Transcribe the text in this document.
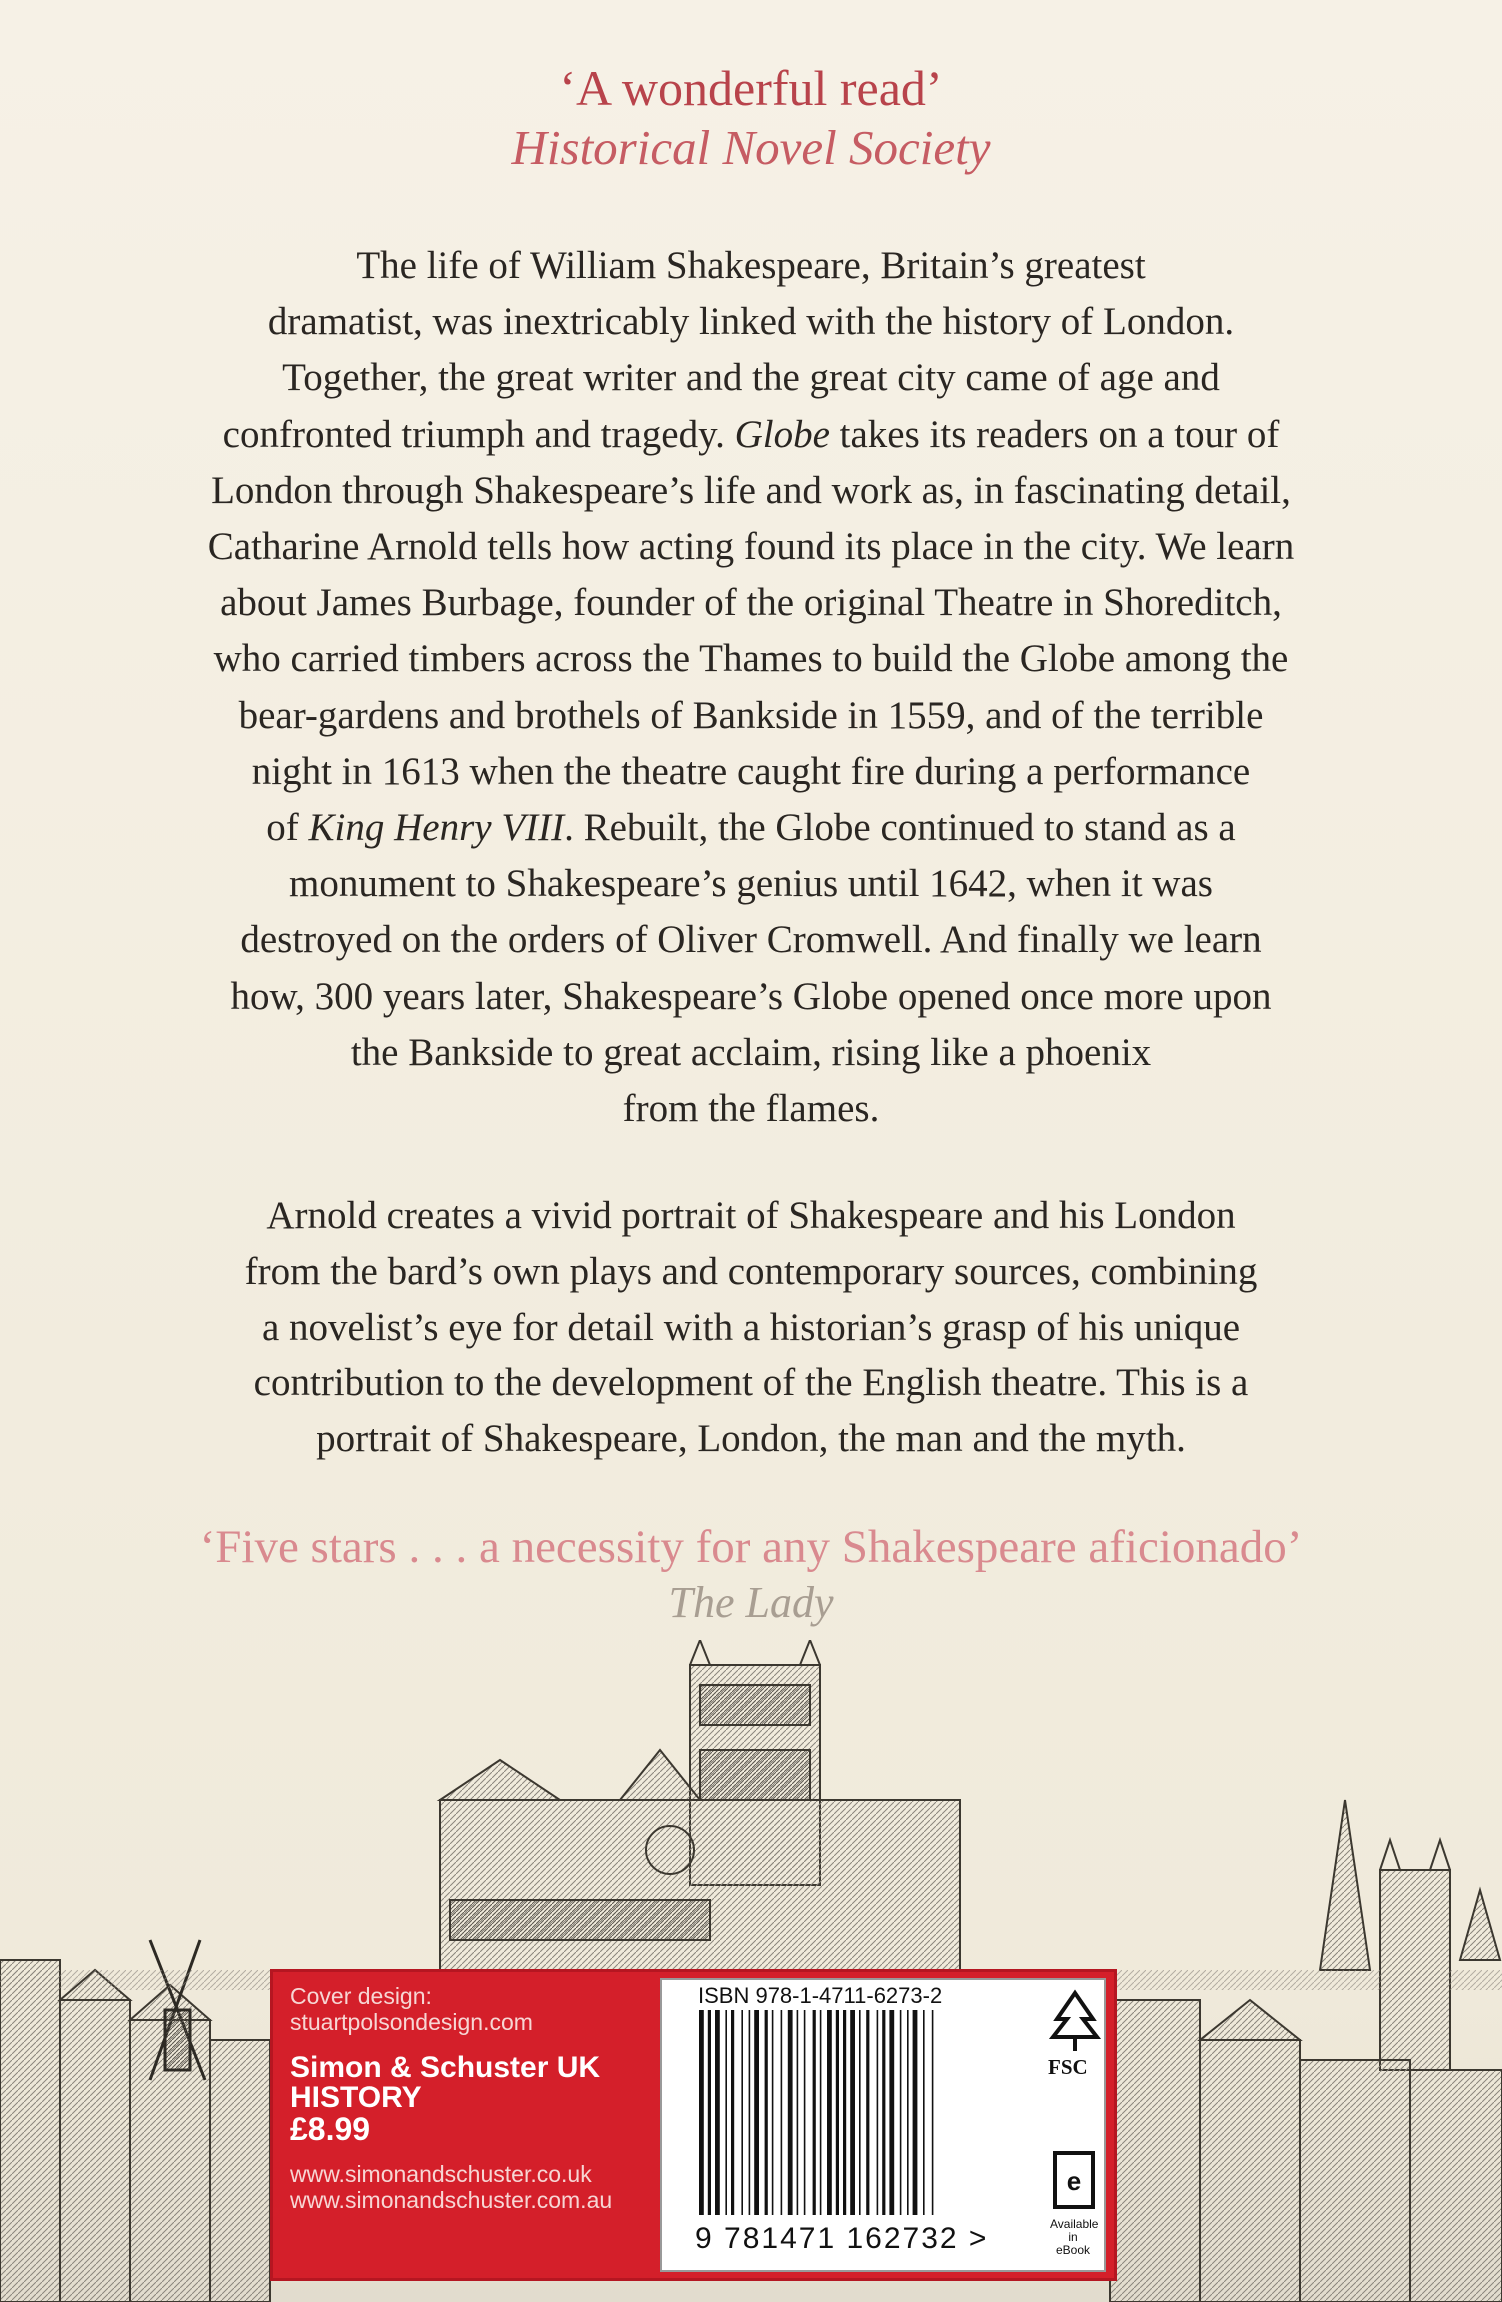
‘A wonderful read’
Historical Novel Society
The life of William Shakespeare, Britain’s greatest
dramatist, was inextricably linked with the history of London.
Together, the great writer and the great city came of age and
confronted triumph and tragedy. Globe takes its readers on a tour of
London through Shakespeare’s life and work as, in fascinating detail,
Catharine Arnold tells how acting found its place in the city. We learn
about James Burbage, founder of the original Theatre in Shoreditch,
who carried timbers across the Thames to build the Globe among the
bear-gardens and brothels of Bankside in 1559, and of the terrible
night in 1613 when the theatre caught fire during a performance
of King Henry VIII. Rebuilt, the Globe continued to stand as a
monument to Shakespeare’s genius until 1642, when it was
destroyed on the orders of Oliver Cromwell. And finally we learn
how, 300 years later, Shakespeare’s Globe opened once more upon
the Bankside to great acclaim, rising like a phoenix
from the flames.
Arnold creates a vivid portrait of Shakespeare and his London
from the bard’s own plays and contemporary sources, combining
a novelist’s eye for detail with a historian’s grasp of his unique
contribution to the development of the English theatre. This is a
portrait of Shakespeare, London, the man and the myth.
‘Five stars . . . a necessity for any Shakespeare aficionado’
The Lady
Cover design:
stuartpolsondesign.com
Simon & Schuster UK
HISTORY
£8.99
www.simonandschuster.co.uk
www.simonandschuster.com.au
ISBN 978-1-4711-6273-2
9 781471 162732 >
FSC
e
Available in eBook
